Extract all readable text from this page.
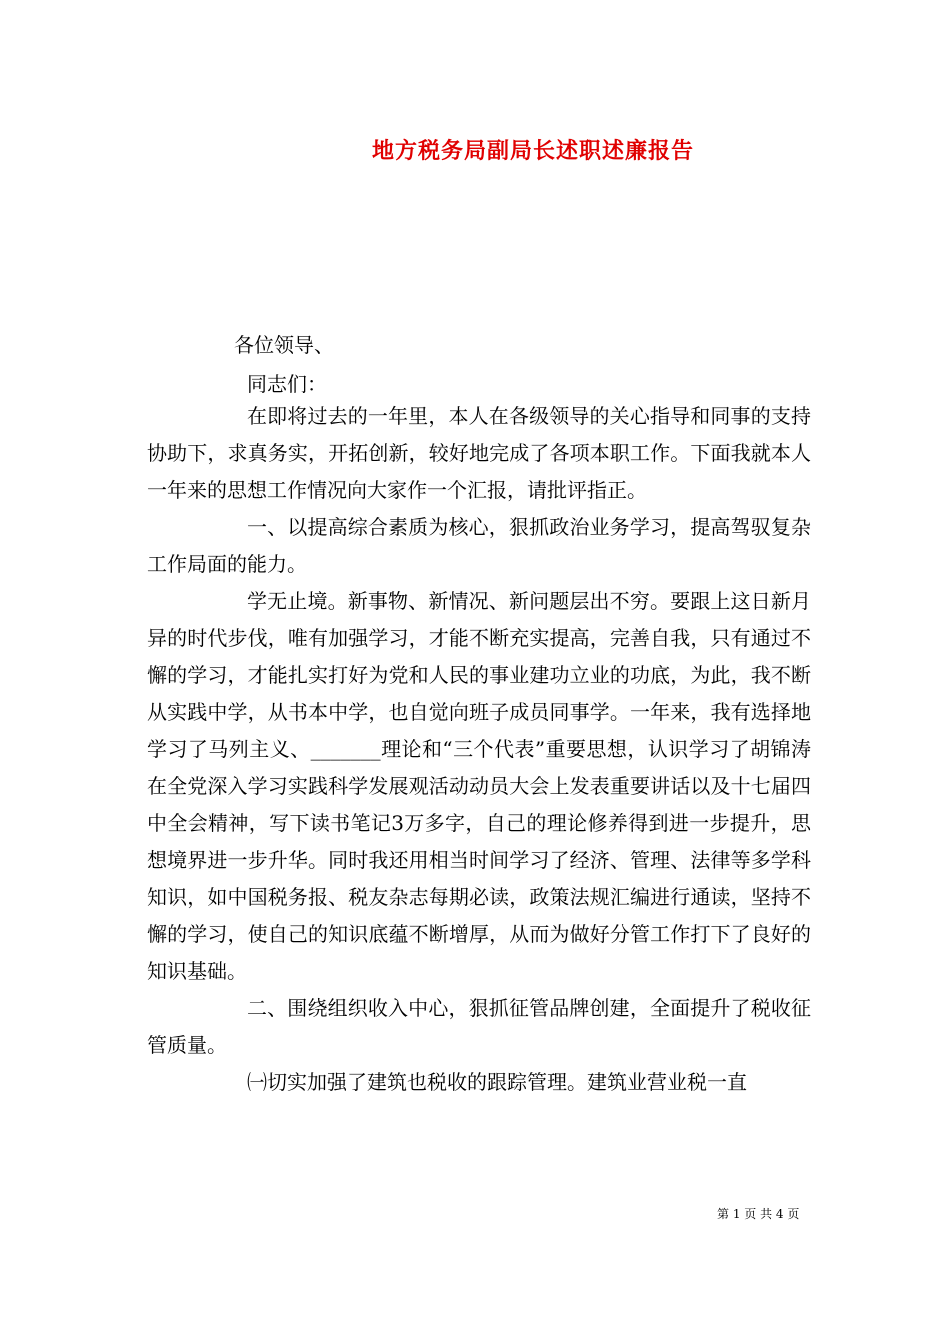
地方税务局副局长述职述廉报告
各位领导、
同志们：

在即将过去的一年里，本人在各级领导的关心指导和同事的支持协助下，求真务实，开拓创新，较好地完成了各项本职工作。下面我就本人一年来的思想工作情况向大家作一个汇报，请批评指正。

一、以提高综合素质为核心，狠抓政治业务学习，提高驾驭复杂工作局面的能力。

学无止境。新事物、新情况、新问题层出不穷。要跟上这日新月异的时代步伐，唯有加强学习，才能不断充实提高，完善自我，只有通过不懈的学习，才能扎实打好为党和人民的事业建功立业的功底，为此，我不断从实践中学，从书本中学，也自觉向班子成员同事学。一年来，我有选择地学习了马列主义、_______理论和“三个代表”重要思想，认识学习了胡锦涛在全党深入学习实践科学发展观活动动员大会上发表重要讲话以及十七届四中全会精神，写下读书笔记3万多字，自己的理论修养得到进一步提升，思想境界进一步升华。同时我还用相当时间学习了经济、管理、法律等多学科知识，如中国税务报、税友杂志每期必读，政策法规汇编进行通读，坚持不懈的学习，使自己的知识底蕴不断增厚，从而为做好分管工作打下了良好的知识基础。

二、围绕组织收入中心，狠抓征管品牌创建，全面提升了税收征管质量。

㈠切实加强了建筑也税收的跟踪管理。建筑业营业税一直

第 1 页 共 4 页
